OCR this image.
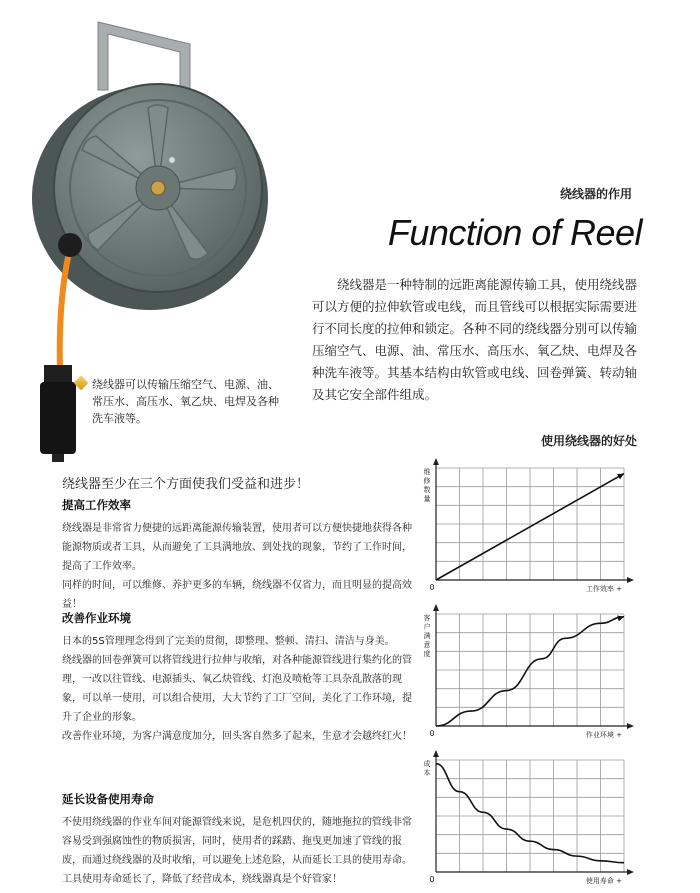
绕线器的作用
Function of Reel

绕线器是一种特制的远距离能源传输工具，使用绕线器可以方便的拉伸软管或电线，而且管线可以根据实际需要进行不同长度的拉伸和锁定。各种不同的绕线器分别可以传输压缩空气、电源、油、常压水、高压水、氧乙炔、电焊及各种洗车液等。其基本结构由软管或电线、回卷弹簧、转动轴及其它安全部件组成。

绕线器可以传输压缩空气、电源、油、常压水、高压水、氧乙炔、电焊及各种洗车液等。
使用绕线器的好处
绕线器至少在三个方面使我们受益和进步！
提高工作效率

绕线器是非常省力便捷的远距离能源传输装置，使用者可以方便快捷地获得各种能源物质或者工具，从而避免了工具满地放、到处找的现象，节约了工作时间，提高了工作效率。

同样的时间，可以维修、养护更多的车辆，绕线器不仅省力，而且明显的提高效益！

改善作业环境

日本的5S管理理念得到了完美的贯彻，即整理、整顿、清扫、清洁与身美。

绕线器的回卷弹簧可以将管线进行拉伸与收缩，对各种能源管线进行集约化的管理，一改以往管线、电源插头、氧乙炔管线、灯泡及喷枪等工具杂乱散落的现象，可以单一使用，可以组合使用，大大节约了工厂空间，美化了工作环境，提升了企业的形象。

改善作业环境，为客户满意度加分，回头客自然多了起来，生意才会越终红火！

延长设备使用寿命

不使用绕线器的作业车间对能源管线来说，是危机四伏的，随地拖拉的管线非常容易受到强腐蚀性的物质损害，同时，使用者的踩踏、拖曳更加速了管线的报废，而通过绕线器的及时收缩，可以避免上述危险，从而延长工具的使用寿命。

工具使用寿命延长了，降低了经营成本，绕线器真是个好管家！

0	工作效率 +
维
修
数
量
0	作业环境 +
客
户
满
意
度
0	使用寿命 +
成
本
